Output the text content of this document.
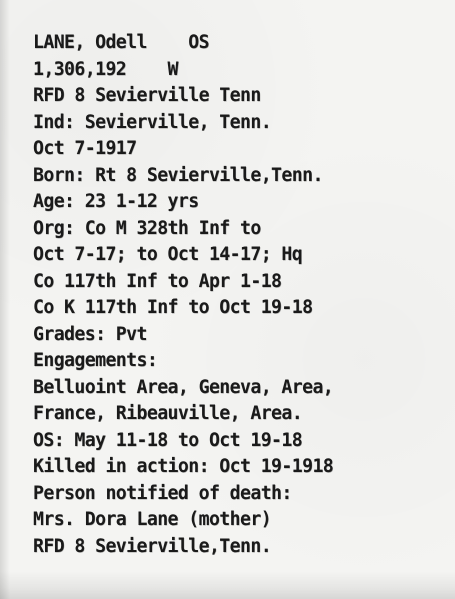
LANE, Odell    OS
1,306,192    W
RFD 8 Sevierville Tenn
Ind: Sevierville, Tenn.
Oct 7-1917
Born: Rt 8 Sevierville,Tenn.
Age: 23 1-12 yrs
Org: Co M 328th Inf to
Oct 7-17; to Oct 14-17; Hq
Co 117th Inf to Apr 1-18
Co K 117th Inf to Oct 19-18
Grades: Pvt
Engagements:
Belluoint Area, Geneva, Area,
France, Ribeauville, Area.
OS: May 11-18 to Oct 19-18
Killed in action: Oct 19-1918
Person notified of death:
Mrs. Dora Lane (mother)
RFD 8 Sevierville,Tenn.
